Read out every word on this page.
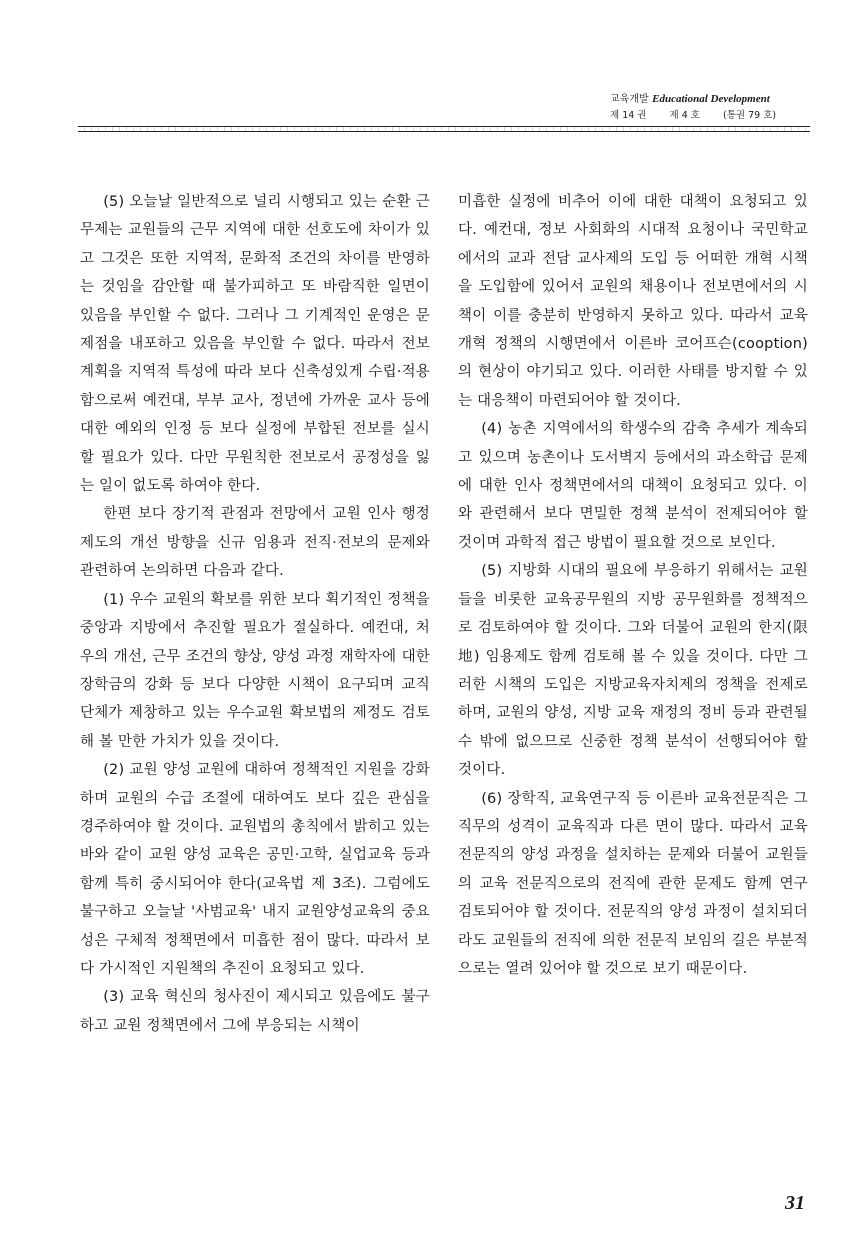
교육개발 Educational Development
제 14 권 제 4 호 (통권 79 호)

(5) 오늘날 일반적으로 널리 시행되고 있는 순환 근무제는 교원들의 근무 지역에 대한 선호도에 차이가 있고 그것은 또한 지역적, 문화적 조건의 차이를 반영하는 것임을 감안할 때 불가피하고 또 바람직한 일면이 있음을 부인할 수 없다. 그러나 그 기계적인 운영은 문제점을 내포하고 있음을 부인할 수 없다. 따라서 전보 계획을 지역적 특성에 따라 보다 신축성있게 수립·적용함으로써 예컨대, 부부 교사, 정년에 가까운 교사 등에 대한 예외의 인정 등 보다 실정에 부합된 전보를 실시할 필요가 있다. 다만 무원칙한 전보로서 공정성을 잃는 일이 없도록 하여야 한다.

한편 보다 장기적 관점과 전망에서 교원 인사 행정 제도의 개선 방향을 신규 임용과 전직·전보의 문제와 관련하여 논의하면 다음과 같다.

(1) 우수 교원의 확보를 위한 보다 획기적인 정책을 중앙과 지방에서 추진할 필요가 절실하다. 예컨대, 처우의 개선, 근무 조건의 향상, 양성 과정 재학자에 대한 장학금의 강화 등 보다 다양한 시책이 요구되며 교직 단체가 제창하고 있는 우수교원 확보법의 제정도 검토해 볼 만한 가치가 있을 것이다.

(2) 교원 양성 교원에 대하여 정책적인 지원을 강화하며 교원의 수급 조절에 대하여도 보다 깊은 관심을 경주하여야 할 것이다. 교원법의 총칙에서 밝히고 있는 바와 같이 교원 양성 교육은 공민·고학, 실업교육 등과 함께 특히 중시되어야 한다(교육법 제 3조). 그럼에도 불구하고 오늘날 '사범교육' 내지 교원양성교육의 중요성은 구체적 정책면에서 미흡한 점이 많다. 따라서 보다 가시적인 지원책의 추진이 요청되고 있다.

(3) 교육 혁신의 청사진이 제시되고 있음에도 불구하고 교원 정책면에서 그에 부응되는 시책이

미흡한 실정에 비추어 이에 대한 대책이 요청되고 있다. 예컨대, 정보 사회화의 시대적 요청이나 국민학교에서의 교과 전담 교사제의 도입 등 어떠한 개혁 시책을 도입함에 있어서 교원의 채용이나 전보면에서의 시책이 이를 충분히 반영하지 못하고 있다. 따라서 교육 개혁 정책의 시행면에서 이른바 코어프슨(cooption)의 현상이 야기되고 있다. 이러한 사태를 방지할 수 있는 대응책이 마련되어야 할 것이다.

(4) 농촌 지역에서의 학생수의 감축 추세가 계속되고 있으며 농촌이나 도서벽지 등에서의 과소학급 문제에 대한 인사 정책면에서의 대책이 요청되고 있다. 이와 관련해서 보다 면밀한 정책 분석이 전제되어야 할 것이며 과학적 접근 방법이 필요할 것으로 보인다.

(5) 지방화 시대의 필요에 부응하기 위해서는 교원들을 비롯한 교육공무원의 지방 공무원화를 정책적으로 검토하여야 할 것이다. 그와 더불어 교원의 한지(限地) 임용제도 함께 검토해 볼 수 있을 것이다. 다만 그러한 시책의 도입은 지방교육자치제의 정책을 전제로 하며, 교원의 양성, 지방 교육 재정의 정비 등과 관련될 수 밖에 없으므로 신중한 정책 분석이 선행되어야 할 것이다.

(6) 장학직, 교육연구직 등 이른바 교육전문직은 그 직무의 성격이 교육직과 다른 면이 많다. 따라서 교육전문직의 양성 과정을 설치하는 문제와 더불어 교원들의 교육 전문직으로의 전직에 관한 문제도 함께 연구 검토되어야 할 것이다. 전문직의 양성 과정이 설치되더라도 교원들의 전직에 의한 전문직 보임의 길은 부분적으로는 열려 있어야 할 것으로 보기 때문이다.

31
